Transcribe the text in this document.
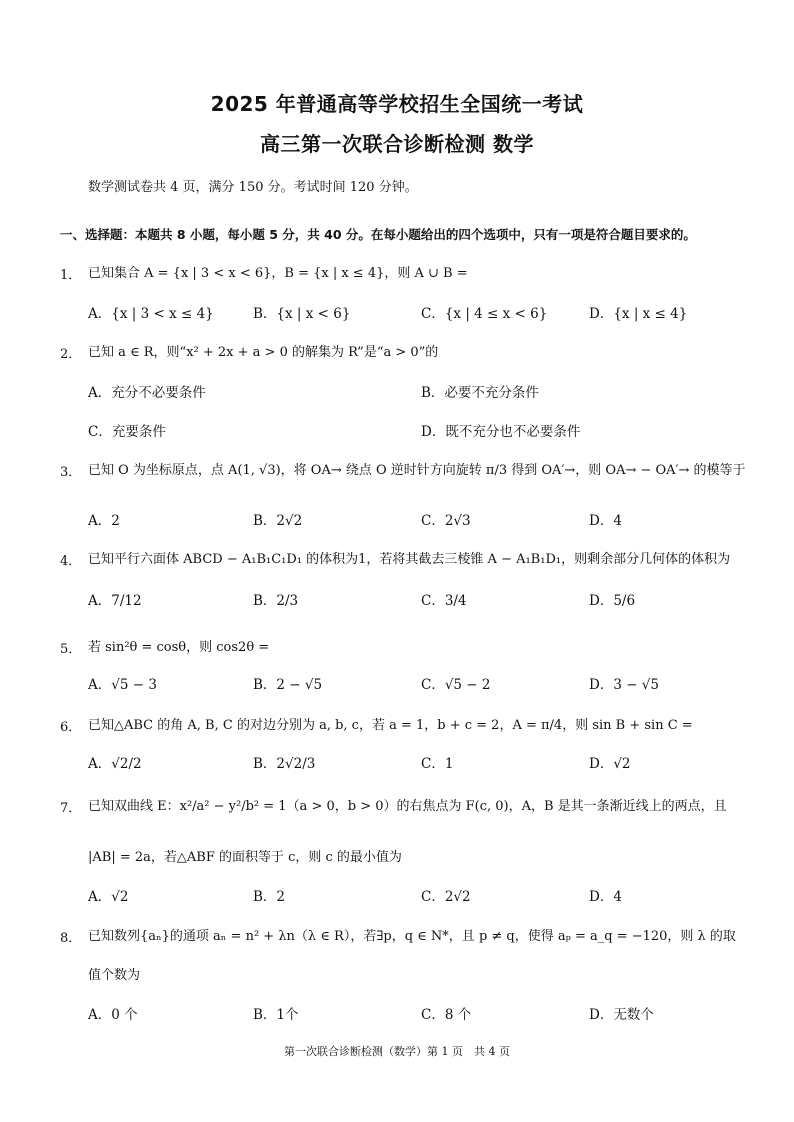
2025 年普通高等学校招生全国统一考试
高三第一次联合诊断检测 数学
数学测试卷共 4 页，满分 150 分。考试时间 120 分钟。
一、选择题：本题共 8 小题，每小题 5 分，共 40 分。在每小题给出的四个选项中，只有一项是符合题目要求的。
1． 已知集合 A = {x | 3 < x < 6}，B = {x | x ≤ 4}，则 A ∪ B =
A．{x | 3 < x ≤ 4}	B．{x | x < 6}	C．{x | 4 ≤ x < 6}	D．{x | x ≤ 4}
2． 已知 a ∈ R，则“x² + 2x + a > 0 的解集为 R”是“a > 0”的
A．充分不必要条件	B．必要不充分条件
C．充要条件	D．既不充分也不必要条件
3． 已知 O 为坐标原点，点 A(1, √3)，将 OA→ 绕点 O 逆时针方向旋转 π/3 得到 OA′→，则 OA→ − OA′→ 的模等于
A．2	B．2√2	C．2√3	D．4
4． 已知平行六面体 ABCD − A₁B₁C₁D₁ 的体积为1，若将其截去三棱锥 A − A₁B₁D₁，则剩余部分几何体的体积为
A．7/12	B．2/3	C．3/4	D．5/6
5． 若 sin²θ = cosθ，则 cos2θ =
A．√5 − 3	B．2 − √5	C．√5 − 2	D．3 − √5
6． 已知△ABC 的角 A, B, C 的对边分别为 a, b, c，若 a = 1，b + c = 2，A = π/4，则 sin B + sin C =
A．√2/2	B．2√2/3	C．1	D．√2
7． 已知双曲线 E：x²/a² − y²/b² = 1（a > 0，b > 0）的右焦点为 F(c, 0)，A，B 是其一条渐近线上的两点，且
|AB| = 2a，若△ABF 的面积等于 c，则 c 的最小值为
A．√2	B．2	C．2√2	D．4
8． 已知数列{aₙ}的通项 aₙ = n² + λn（λ ∈ R），若∃p，q ∈ N*，且 p ≠ q，使得 aₚ = a_q = −120，则 λ 的取
值个数为
A．0 个	B．1个	C．8 个	D．无数个
第一次联合诊断检测（数学）第 1 页　共 4 页
